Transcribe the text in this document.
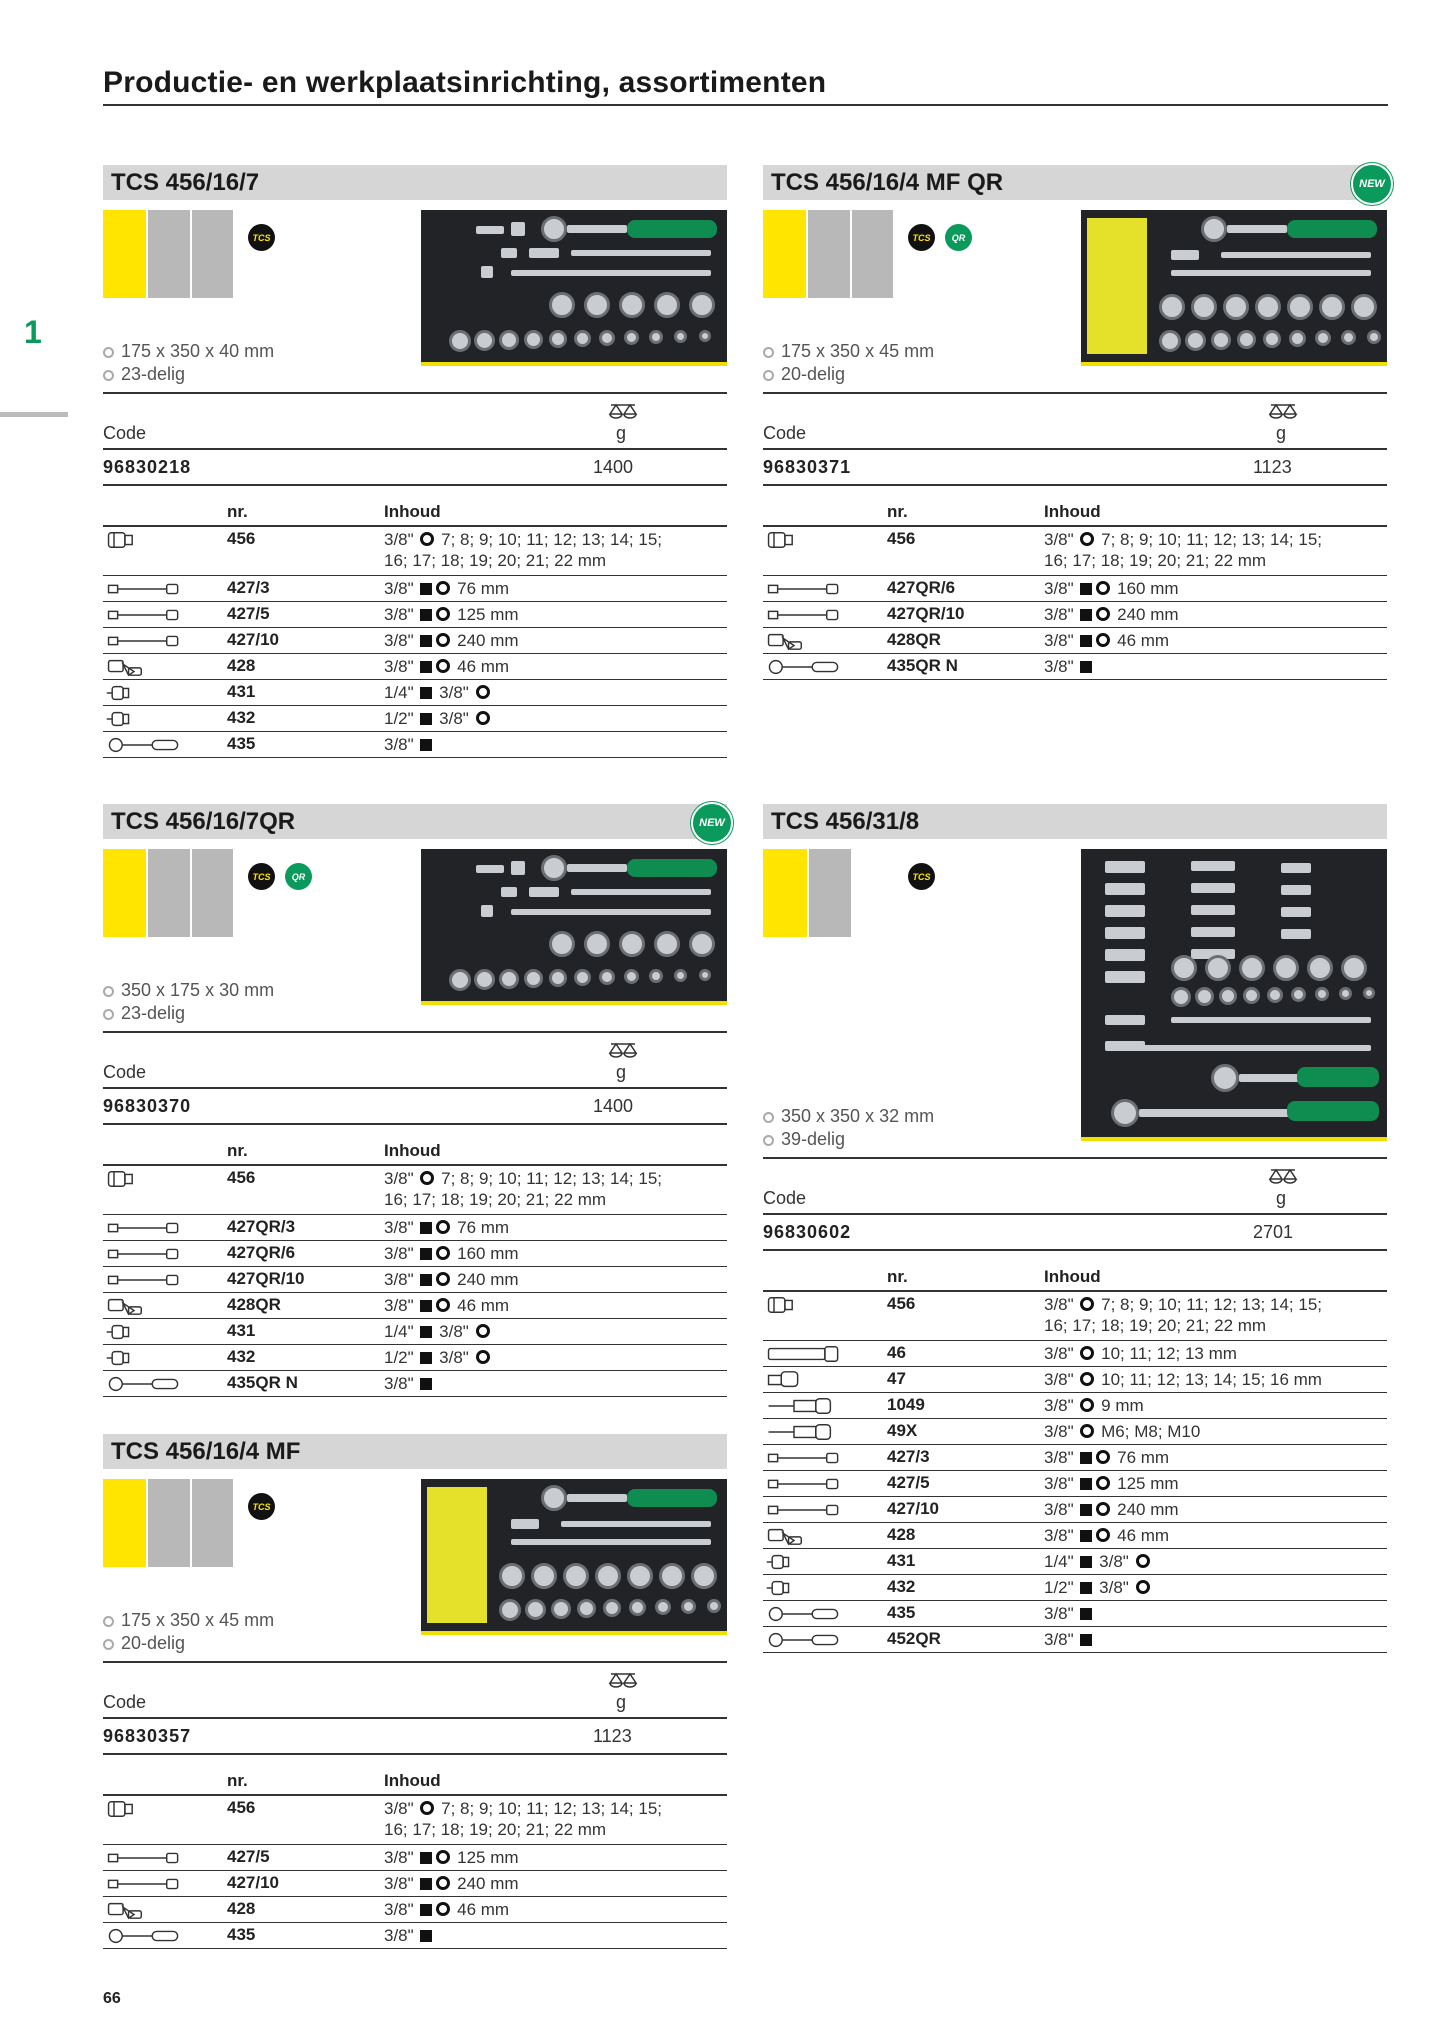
Productie- en werkplaatsinrichting, assortimenten
1
TCS 456/16/7
TCS
175 x 350 x 40 mm
23-delig
Code	g
96830218	1400
nr.	Inhoud
456	3/8" ○ 7; 8; 9; 10; 11; 12; 13; 14; 15;
16; 17; 18; 19; 20; 21; 22 mm
427/3	3/8" ○ 76 mm
427/5	3/8" ○ 125 mm
427/10	3/8" ○ 240 mm
428	3/8" ○ 46 mm
431	1/4" 3/8"
432	1/2" 3/8"
435	3/8"
TCS 456/16/4 MF QR	NEW
TCS	QR
175 x 350 x 45 mm
20-delig
Code	g
96830371	1123
nr.	Inhoud
456	3/8" ○ 7; 8; 9; 10; 11; 12; 13; 14; 15;
16; 17; 18; 19; 20; 21; 22 mm
427QR/6	3/8" ○ 160 mm
427QR/10	3/8" ○ 240 mm
428QR	3/8" ○ 46 mm
435QR N	3/8"
TCS 456/16/7QR	NEW
TCS	QR
350 x 175 x 30 mm
23-delig
Code	g
96830370	1400
nr.	Inhoud
456	3/8" ○ 7; 8; 9; 10; 11; 12; 13; 14; 15;
16; 17; 18; 19; 20; 21; 22 mm
427QR/3	3/8" ○ 76 mm
427QR/6	3/8" ○ 160 mm
427QR/10	3/8" ○ 240 mm
428QR	3/8" ○ 46 mm
431	1/4" 3/8"
432	1/2" 3/8"
435QR N	3/8"
TCS 456/31/8
TCS
350 x 350 x 32 mm
39-delig
Code	g
96830602	2701
nr.	Inhoud
456	3/8" ○ 7; 8; 9; 10; 11; 12; 13; 14; 15;
16; 17; 18; 19; 20; 21; 22 mm
46	3/8" ○ 10; 11; 12; 13 mm
47	3/8" ○ 10; 11; 12; 13; 14; 15; 16 mm
1049	3/8" ○ 9 mm
49X	3/8" ○ M6; M8; M10
427/3	3/8" ○ 76 mm
427/5	3/8" ○ 125 mm
427/10	3/8" ○ 240 mm
428	3/8" ○ 46 mm
431	1/4" 3/8"
432	1/2" 3/8"
435	3/8"
452QR	3/8"
TCS 456/16/4 MF
TCS
175 x 350 x 45 mm
20-delig
Code	g
96830357	1123
nr.	Inhoud
456	3/8" ○ 7; 8; 9; 10; 11; 12; 13; 14; 15;
16; 17; 18; 19; 20; 21; 22 mm
427/5	3/8" ○ 125 mm
427/10	3/8" ○ 240 mm
428	3/8" ○ 46 mm
435	3/8"
66
